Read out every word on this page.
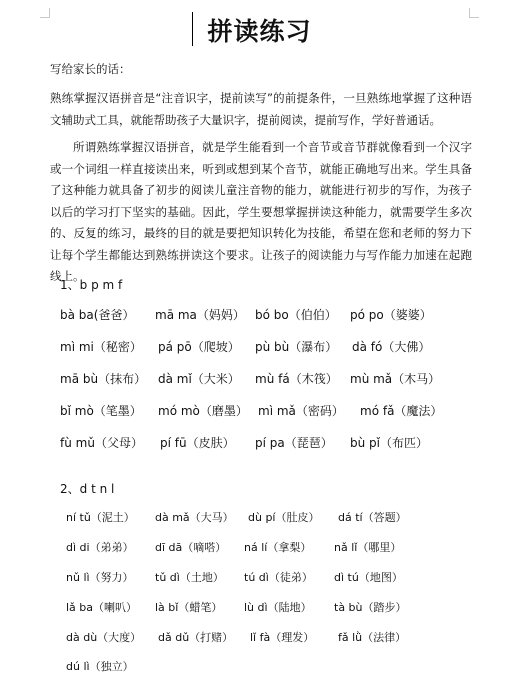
拼读练习
写给家长的话：

熟练掌握汉语拼音是“注音识字，提前读写”的前提条件，一旦熟练地掌握了这种语文辅助式工具，就能帮助孩子大量识字，提前阅读，提前写作，学好普通话。

所谓熟练掌握汉语拼音，就是学生能看到一个音节或音节群就像看到一个汉字或一个词组一样直接读出来，听到或想到某个音节，就能正确地写出来。学生具备了这种能力就具备了初步的阅读儿童注音物的能力，就能进行初步的写作，为孩子以后的学习打下坚实的基础。因此，学生要想掌握拼读这种能力，就需要学生多次的、反复的练习，最终的目的就是要把知识转化为技能，希望在您和老师的努力下让每个学生都能达到熟练拼读这个要求。让孩子的阅读能力与写作能力加速在起跑线上。

1、b p m f
bà ba(爸爸） mā ma（妈妈） bó bo（伯伯） pó po（婆婆）
mì mi（秘密） pá pō（爬坡） pù bù（瀑布） dà fó（大佛）
mā bù（抹布） dà mǐ（大米） mù fá（木筏） mù mǎ（木马）
bǐ mò（笔墨） mó mò（磨墨） mì mǎ（密码） mó fǎ（魔法）
fù mǔ（父母） pí fū（皮肤） pí pa（琵琶） bù pǐ（布匹）
2、d t n l
ní tǔ（泥土） dà mǎ（大马） dù pí（肚皮） dá tí（答题）
dì di（弟弟） dī dā（嘀嗒） ná lí（拿梨） nǎ lǐ（哪里）
nǔ lì（努力） tǔ dì（土地） tú dì（徒弟） dì tú（地图）
lǎ ba（喇叭） là bǐ（蜡笔） lù dì（陆地） tà bù（踏步）
dà dù（大度） dǎ dǔ（打赌） lǐ fà（理发） fǎ lǜ（法律）
dú lì（独立）
